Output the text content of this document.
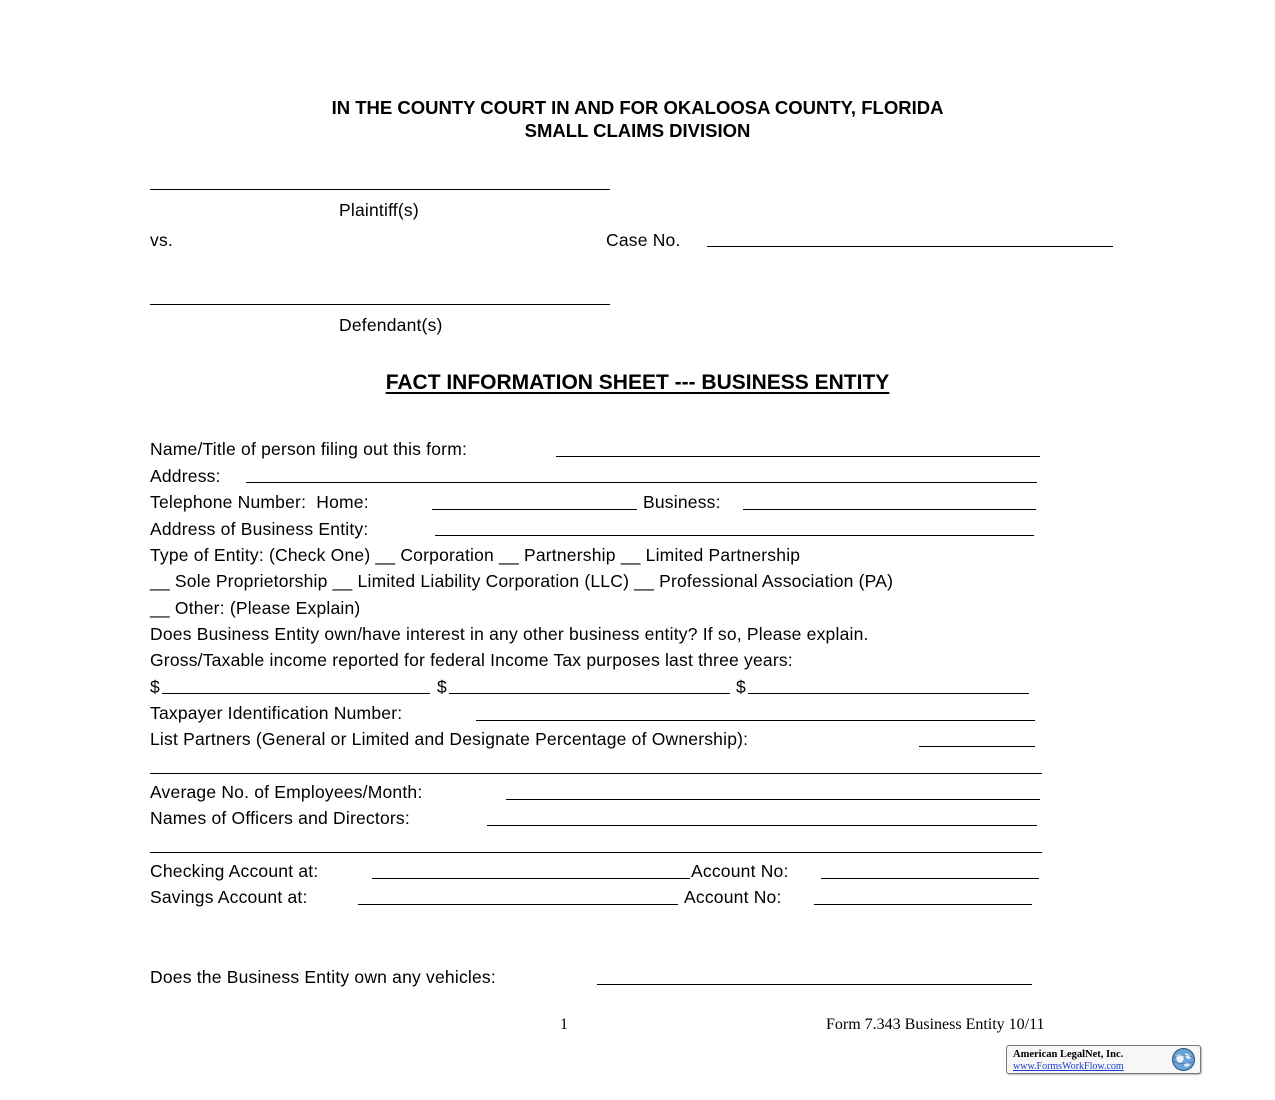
IN THE COUNTY COURT IN AND FOR OKALOOSA COUNTY, FLORIDA
SMALL CLAIMS DIVISION
Plaintiff(s)
vs.	Case No.
Defendant(s)
FACT INFORMATION SHEET --- BUSINESS ENTITY
Name/Title of person filing out this form:
Address:
Telephone Number:  Home:	Business:
Address of Business Entity:
Type of Entity: (Check One) __ Corporation __ Partnership __ Limited Partnership
__ Sole Proprietorship __ Limited Liability Corporation (LLC) __ Professional Association (PA)
__ Other: (Please Explain)
Does Business Entity own/have interest in any other business entity? If so, Please explain.
Gross/Taxable income reported for federal Income Tax purposes last three years:
$	$	$
Taxpayer Identification Number:
List Partners (General or Limited and Designate Percentage of Ownership):
Average No. of Employees/Month:
Names of Officers and Directors:
Checking Account at:	Account No:
Savings Account at:	Account No:
Does the Business Entity own any vehicles:
1	Form 7.343 Business Entity 10/11
American LegalNet, Inc.
www.FormsWorkFlow.com
